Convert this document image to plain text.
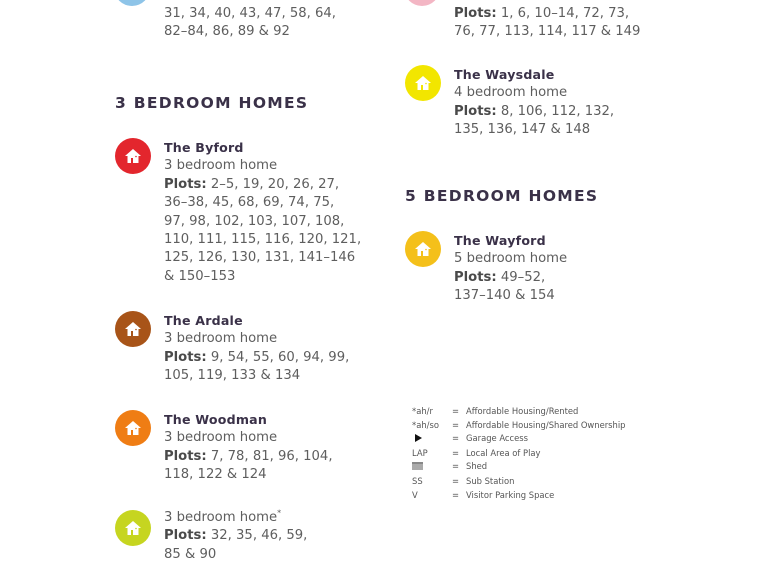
31, 34, 40, 43, 47, 58, 64,
82–84, 86, 89 & 92
Plots: 1, 6, 10–14, 72, 73,
76, 77, 113, 114, 117 & 149
The Waysdale
4 bedroom home
Plots: 8, 106, 112, 132,
135, 136, 147 & 148
3 BEDROOM HOMES
The Byford
3 bedroom home
Plots: 2–5, 19, 20, 26, 27,
36–38, 45, 68, 69, 74, 75,
97, 98, 102, 103, 107, 108,
110, 111, 115, 116, 120, 121,
125, 126, 130, 131, 141–146
& 150–153
The Ardale
3 bedroom home
Plots: 9, 54, 55, 60, 94, 99,
105, 119, 133 & 134
The Woodman
3 bedroom home
Plots: 7, 78, 81, 96, 104,
118, 122 & 124
3 bedroom home*
Plots: 32, 35, 46, 59,
85 & 90
5 BEDROOM HOMES
The Wayford
5 bedroom home
Plots: 49–52,
137–140 & 154
*ah/r	= Affordable Housing/Rented
*ah/so	= Affordable Housing/Shared Ownership
= Garage Access
LAP	= Local Area of Play
= Shed
SS	= Sub Station
V	= Visitor Parking Space
